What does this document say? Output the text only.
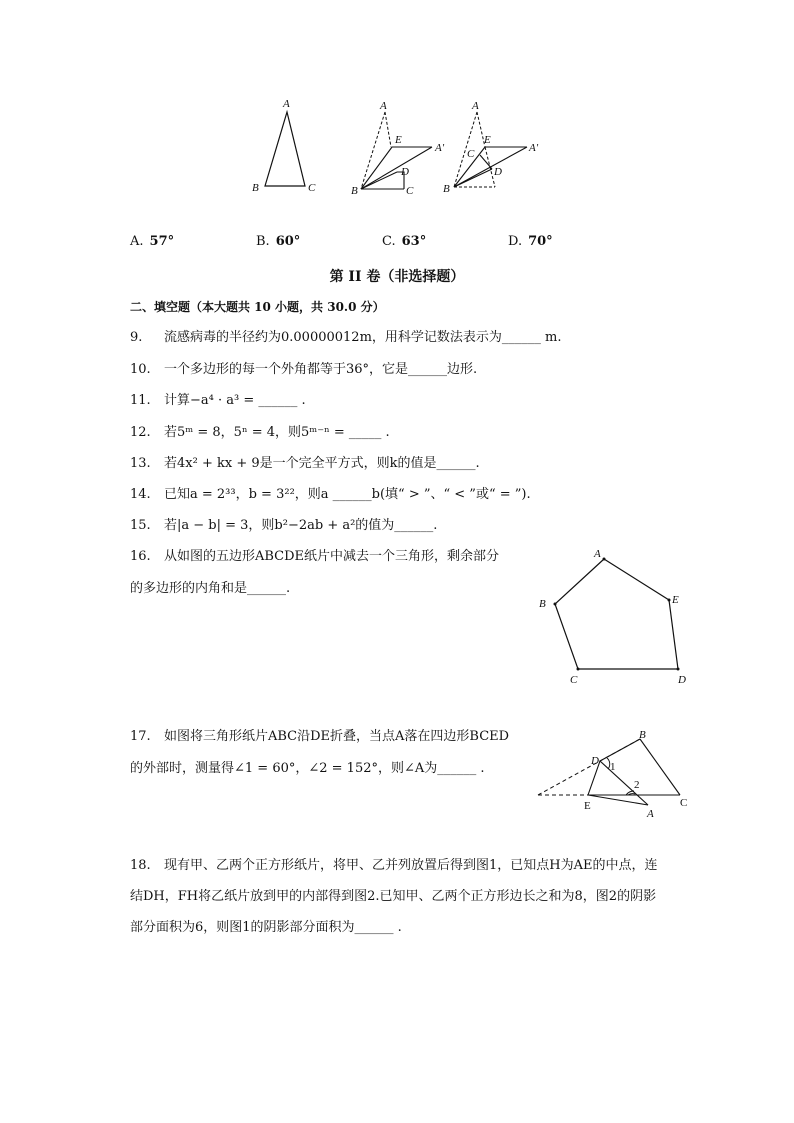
A
B	C
A
E
A′
D
B	C
A
E
A′
C
D
B
A. 57°	B. 60°	C. 63°	D. 70°
第 II 卷（非选择题）
二、填空题（本大题共 10 小题，共 30.0 分）
9. 流感病毒的半径约为0.00000012m，用科学记数法表示为______ m.
10. 一个多边形的每一个外角都等于36°，它是______边形.
11. 计算−a⁴ · a³ = ______ .
12. 若5ᵐ = 8，5ⁿ = 4，则5ᵐ⁻ⁿ = _____ .
13. 若4x² + kx + 9是一个完全平方式，则k的值是______.
14. 已知a = 2³³，b = 3²²，则a ______b(填“ > ”、“ < ”或“ = ”).
15. 若|a − b| = 3，则b²−2ab + a²的值为______.
16. 从如图的五边形ABCDE纸片中减去一个三角形，剩余部分
的多边形的内角和是______.
A
B	E
C	D
17. 如图将三角形纸片ABC沿DE折叠，当点A落在四边形BCED
的外部时，测量得∠1 = 60°，∠2 = 152°，则∠A为______ .
B
D 1
2
E	C
A
18. 现有甲、乙两个正方形纸片，将甲、乙并列放置后得到图1，已知点H为AE的中点，连
结DH，FH将乙纸片放到甲的内部得到图2.已知甲、乙两个正方形边长之和为8，图2的阴影
部分面积为6，则图1的阴影部分面积为______ .
